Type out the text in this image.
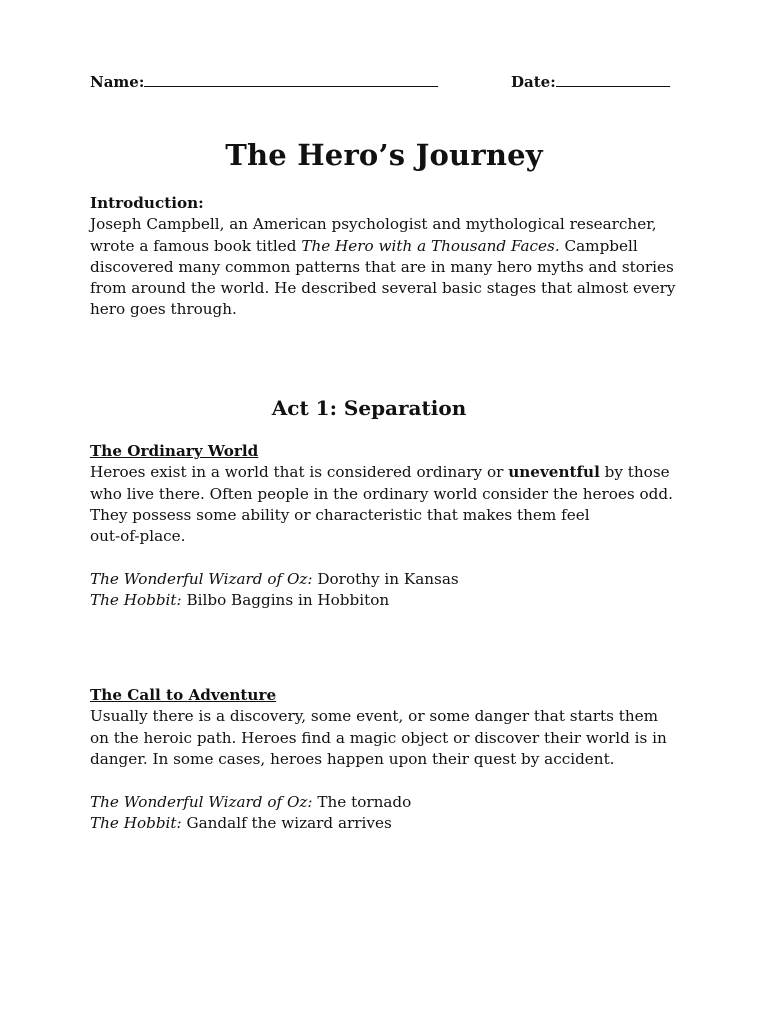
Name:	Date:
The Hero’s Journey
Introduction:
Joseph Campbell, an American psychologist and mythological researcher,
wrote a famous book titled The Hero with a Thousand Faces. Campbell
discovered many common patterns that are in many hero myths and stories
from around the world. He described several basic stages that almost every
hero goes through.
Act 1: Separation
The Ordinary World
Heroes exist in a world that is considered ordinary or uneventful by those
who live there. Often people in the ordinary world consider the heroes odd.
They possess some ability or characteristic that makes them feel
out-of-place.
The Wonderful Wizard of Oz: Dorothy in Kansas
The Hobbit: Bilbo Baggins in Hobbiton
The Call to Adventure
Usually there is a discovery, some event, or some danger that starts them
on the heroic path. Heroes find a magic object or discover their world is in
danger. In some cases, heroes happen upon their quest by accident.
The Wonderful Wizard of Oz: The tornado
The Hobbit: Gandalf the wizard arrives
